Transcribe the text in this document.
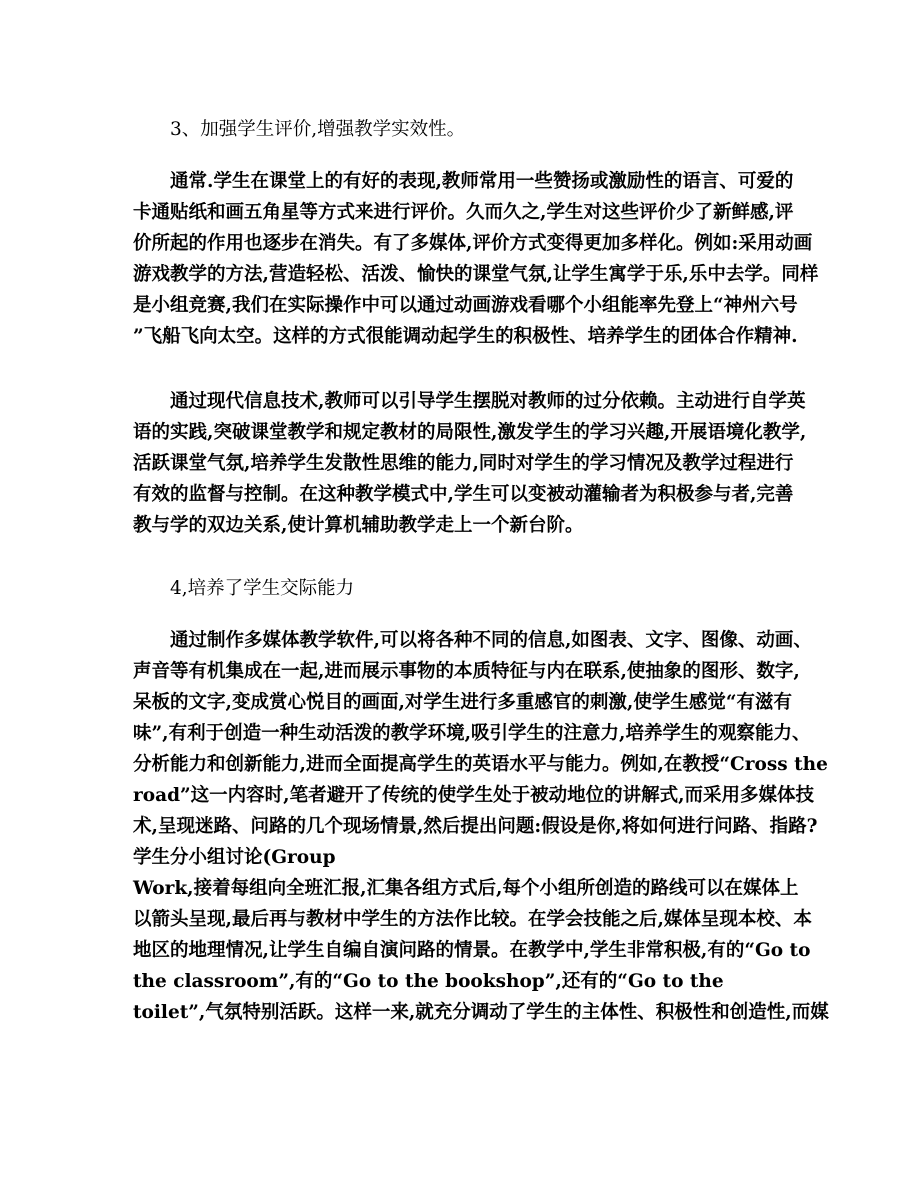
3、加强学生评价,增强教学实效性。
通常.学生在课堂上的有好的表现,教师常用一些赞扬或激励性的语言、可爱的
卡通贴纸和画五角星等方式来进行评价。久而久之,学生对这些评价少了新鲜感,评
价所起的作用也逐步在消失。有了多媒体,评价方式变得更加多样化。例如:采用动画
游戏教学的方法,营造轻松、活泼、愉快的课堂气氛,让学生寓学于乐,乐中去学。同样
是小组竞赛,我们在实际操作中可以通过动画游戏看哪个小组能率先登上“神州六号
”飞船飞向太空。这样的方式很能调动起学生的积极性、培养学生的团体合作精神.
通过现代信息技术,教师可以引导学生摆脱对教师的过分依赖。主动进行自学英
语的实践,突破课堂教学和规定教材的局限性,激发学生的学习兴趣,开展语境化教学,
活跃课堂气氛,培养学生发散性思维的能力,同时对学生的学习情况及教学过程进行
有效的监督与控制。在这种教学模式中,学生可以变被动灌输者为积极参与者,完善
教与学的双边关系,使计算机辅助教学走上一个新台阶。
4,培养了学生交际能力
通过制作多媒体教学软件,可以将各种不同的信息,如图表、文字、图像、动画、
声音等有机集成在一起,进而展示事物的本质特征与内在联系,使抽象的图形、数字,
呆板的文字,变成赏心悦目的画面,对学生进行多重感官的刺激,使学生感觉“有滋有
味”,有利于创造一种生动活泼的教学环境,吸引学生的注意力,培养学生的观察能力、
分析能力和创新能力,进而全面提高学生的英语水平与能力。例如,在教授“Cross the
road”这一内容时,笔者避开了传统的使学生处于被动地位的讲解式,而采用多媒体技
术,呈现迷路、问路的几个现场情景,然后提出问题:假设是你,将如何进行问路、指路?
学生分小组讨论(Group
Work,接着每组向全班汇报,汇集各组方式后,每个小组所创造的路线可以在媒体上
以箭头呈现,最后再与教材中学生的方法作比较。在学会技能之后,媒体呈现本校、本
地区的地理情况,让学生自编自演问路的情景。在教学中,学生非常积极,有的“Go to
the classroom”,有的“Go to the bookshop”,还有的“Go to the
toilet”,气氛特别活跃。这样一来,就充分调动了学生的主体性、积极性和创造性,而媒
